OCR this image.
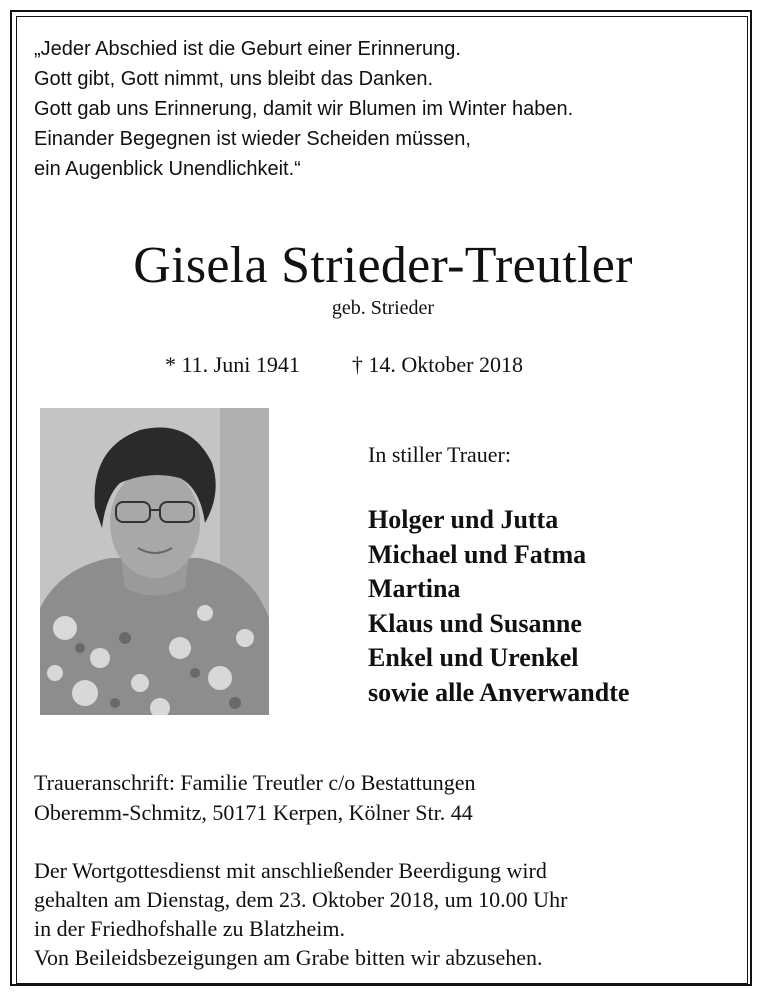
„Jeder Abschied ist die Geburt einer Erinnerung.
Gott gibt, Gott nimmt, uns bleibt das Danken.
Gott gab uns Erinnerung, damit wir Blumen im Winter haben.
Einander Begegnen ist wieder Scheiden müssen,
ein Augenblick Unendlichkeit.“
Gisela Strieder-Treutler
geb. Strieder
* 11. Juni 1941 † 14. Oktober 2018
In stiller Trauer:
Holger und Jutta
Michael und Fatma
Martina
Klaus und Susanne
Enkel und Urenkel
sowie alle Anverwandte
Traueranschrift: Familie Treutler c/o Bestattungen
Oberemm-Schmitz, 50171 Kerpen, Kölner Str. 44
Der Wortgottesdienst mit anschließender Beerdigung wird
gehalten am Dienstag, dem 23. Oktober 2018, um 10.00 Uhr
in der Friedhofshalle zu Blatzheim.
Von Beileidsbezeigungen am Grabe bitten wir abzusehen.
